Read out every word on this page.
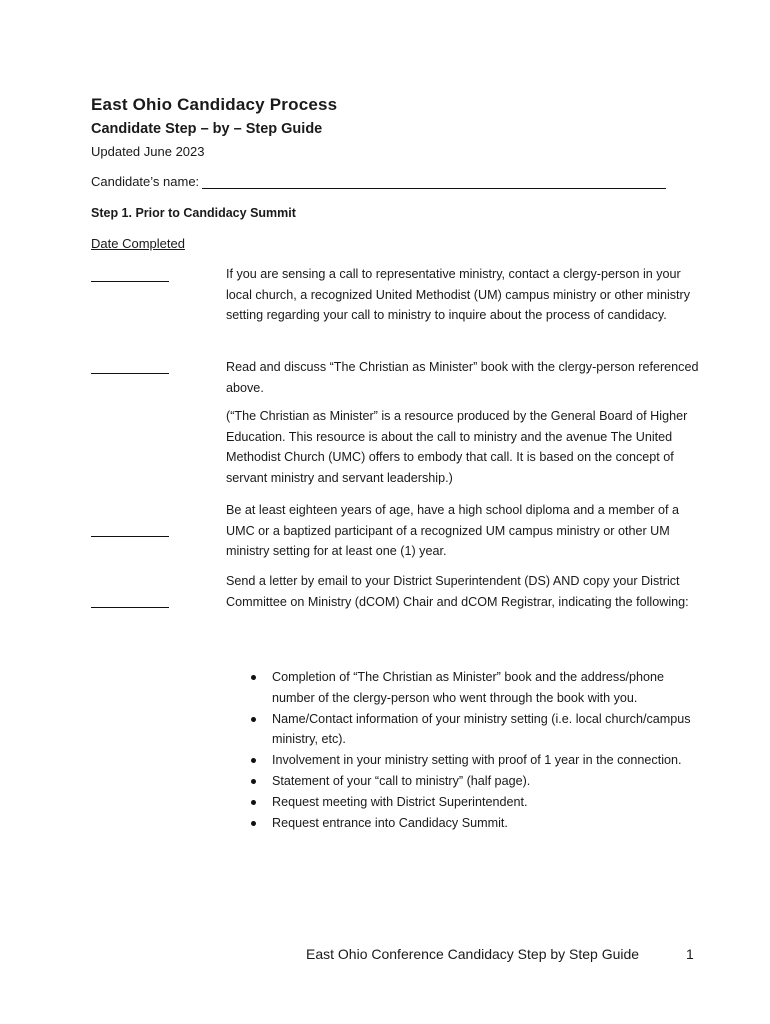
East Ohio Candidacy Process
Candidate Step – by – Step Guide
Updated June 2023
Candidate’s name:
Step 1. Prior to Candidacy Summit
Date Completed
If you are sensing a call to representative ministry, contact a clergy-person in your local church, a recognized United Methodist (UM) campus ministry or other ministry setting regarding your call to ministry to inquire about the process of candidacy.
Read and discuss “The Christian as Minister” book with the clergy-person referenced above.
(“The Christian as Minister” is a resource produced by the General Board of Higher Education. This resource is about the call to ministry and the avenue The United Methodist Church (UMC) offers to embody that call. It is based on the concept of servant ministry and servant leadership.)
Be at least eighteen years of age, have a high school diploma and a member of a UMC or a baptized participant of a recognized UM campus ministry or other UM ministry setting for at least one (1) year.
Send a letter by email to your District Superintendent (DS) AND copy your District Committee on Ministry (dCOM) Chair and dCOM Registrar, indicating the following:
Completion of “The Christian as Minister” book and the address/phone number of the clergy-person who went through the book with you.
Name/Contact information of your ministry setting (i.e. local church/campus ministry, etc).
Involvement in your ministry setting with proof of 1 year in the connection.
Statement of your “call to ministry” (half page).
Request meeting with District Superintendent.
Request entrance into Candidacy Summit.
East Ohio Conference Candidacy Step by Step Guide	1
